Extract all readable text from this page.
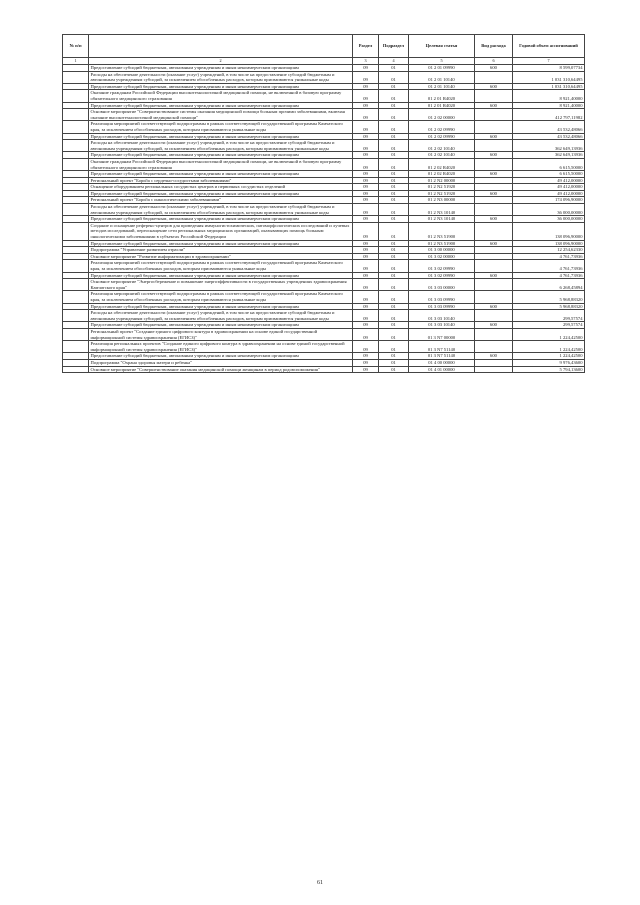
№ п/п		Раздел	Подраздел	Целевая статья	Вид расхода	Годовой объем ассигнований
1	2	3	4	5	6	7
	Предоставление субсидий бюджетным, автономным учреждениям и иным некоммерческим организациям	09	01	01 2 01 09990	600	8 599,07734
	Расходы на обеспечение деятельности (оказание услуг) учреждений, в том числе на предоставление субсидий бюджетным и автономным учреждениям субсидий, за исключением обособленных расходов, которым присваиваются уникальные коды	09	01	01 2 01 10140		1 031 310,64495
	Предоставление субсидий бюджетным, автономным учреждениям и иным некоммерческим организациям	09	01	01 2 01 10140	600	1 031 310,64495
	Оказание гражданам Российской Федерации высокотехнологичной медицинской помощи, не включенной в базовую программу обязательного медицинского страхования	09	01	01 2 01 R4020		8 921,40000
	Предоставление субсидий бюджетным, автономным учреждениям и иным некоммерческим организациям	09	01	01 2 01 R4020	600	8 921,40000
	Основное мероприятие "Совершенствование системы оказания медицинской помощи больным прочими заболеваниями, включая оказание высокотехнологичной медицинской помощи"	09	01	01 2 02 00000		412 797,11982
	Реализация мероприятий соответствующей подпрограммы в рамках соответствующей государственной программы Камчатского края, за исключением обособленных расходов, которым присваиваются уникальные коды	09	01	01 2 02 09990		43 532,48066
	Предоставление субсидий бюджетным, автономным учреждениям и иным некоммерческим организациям	09	01	01 2 02 09990	600	43 532,48066
	Расходы на обеспечение деятельности (оказание услуг) учреждений, в том числе на предоставление субсидий бюджетным и автономным учреждениям субсидий, за исключением обособленных расходов, которым присваиваются уникальные коды	09	01	01 2 02 10140		362 649,13936
	Предоставление субсидий бюджетным, автономным учреждениям и иным некоммерческим организациям	09	01	01 2 02 10140	600	362 649,13936
	Оказание гражданам Российской Федерации высокотехнологичной медицинской помощи, не включенной в базовую программу обязательного медицинского страхования	09	01	01 2 02 R4020		6 615,50000
	Предоставление субсидий бюджетным, автономным учреждениям и иным некоммерческим организациям	09	01	01 2 02 R4020	600	6 615,50000
	Региональный проект "Борьба с сердечно-сосудистыми заболеваниями"	09	01	01 2 N2 00000		49 412,00000
	Оснащение оборудованием региональных сосудистых центров и первичных сосудистых отделений	09	01	01 2 N2 51920		49 412,00000
	Предоставление субсидий бюджетным, автономным учреждениям и иным некоммерческим организациям	09	01	01 2 N2 51920	600	49 412,00000
	Региональный проект "Борьба с онкологическими заболеваниями"	09	01	01 2 N3 00000		174 096,90000
	Расходы на обеспечение деятельности (оказание услуг) учреждений, в том числе на предоставление субсидий бюджетным и автономным учреждениям субсидий, за исключением обособленных расходов, которым присваиваются уникальные коды	09	01	01 2 N3 10140		36 000,00000
	Предоставление субсидий бюджетным, автономным учреждениям и иным некоммерческим организациям	09	01	01 2 N3 10140	600	36 000,00000
	Создание и оснащение референс-центров для проведения иммуногистохимических, патоморфологических исследований и лучевых методов исследований, переоснащение сети региональных медицинских организаций, оказывающих помощь больным онкологическими заболеваниями в субъектах Российской Федерации	09	01	01 2 N3 51900		138 096,90000
	Предоставление субсидий бюджетным, автономным учреждениям и иным некоммерческим организациям	09	01	01 2 N3 51900	600	138 096,90000
	Подпрограмма "Управление развитием отрасли"	09	01	01 3 00 00000		12 254,62330
	Основное мероприятие "Развитие информатизации в здравоохранении"	09	01	01 3 02 00000		4 761,73936
	Реализация мероприятий соответствующей подпрограммы в рамках соответствующей государственной программы Камчатского края, за исключением обособленных расходов, которым присваиваются уникальные коды	09	01	01 3 02 09990		4 761,73936
	Предоставление субсидий бюджетным, автономным учреждениям и иным некоммерческим организациям	09	01	01 3 02 09990	600	4 761,73936
	Основное мероприятие "Энергосбережение и повышение энергоэффективности в государственных учреждениях здравоохранения Камчатского края"	09	01	01 3 03 00000		6 268,45894
	Реализация мероприятий соответствующей подпрограммы в рамках соответствующей государственной программы Камчатского края, за исключением обособленных расходов, которым присваиваются уникальные коды	09	01	01 3 03 09990		5 968,88320
	Предоставление субсидий бюджетным, автономным учреждениям и иным некоммерческим организациям	09	01	01 3 03 09990	600	5 968,88320
	Расходы на обеспечение деятельности (оказание услуг) учреждений, в том числе на предоставление субсидий бюджетным и автономным учреждениям субсидий, за исключением обособленных расходов, которым присваиваются уникальные коды	09	01	01 3 03 10140		299,57574
	Предоставление субсидий бюджетным, автономным учреждениям и иным некоммерческим организациям	09	01	01 3 03 10140	600	299,57574
	Региональный проект "Создание единого цифрового контура в здравоохранении на основе единой государственной информационной системы здравоохранения (ЕГИСЗ)"	09	01	01 3 N7 00000		1 224,42500
	Реализация региональных проектов "Создание единого цифрового контура в здравоохранении на основе единой государственной информационной системы здравоохранения (ЕГИСЗ)"	09	01	01 3 N7 51140		1 224,42500
	Предоставление субсидий бюджетным, автономным учреждениям и иным некоммерческим организациям	09	01	01 3 N7 51140	600	1 224,42500
	Подпрограмма "Охрана здоровья матери и ребенка"	09	01	01 4 00 00000		9 976,43600
	Основное мероприятие "Совершенствование оказания медицинской помощи женщинам в период родовспоможения"	09	01	01 4 01 00000		5 794,13600
61
